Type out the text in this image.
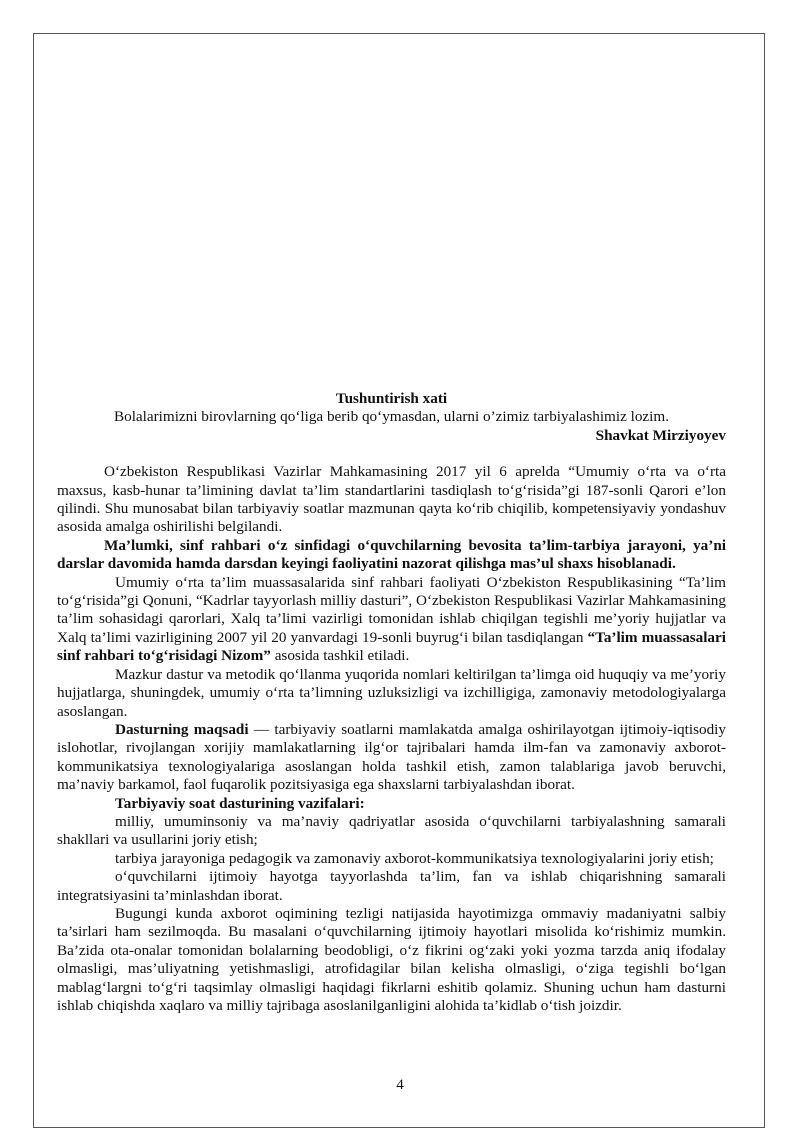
Tushuntirish xati

Bolalarimizni birovlarning qo‘liga berib qo‘ymasdan, ularni o’zimiz tarbiyalashimiz lozim.

Shavkat Mirziyoyev

O‘zbekiston Respublikasi Vazirlar Mahkamasining 2017 yil 6 aprelda “Umumiy o‘rta va o‘rta maxsus, kasb-hunar ta’limining davlat ta’lim standartlarini tasdiqlash to‘g‘risida”gi 187-sonli Qarori e’lon qilindi. Shu munosabat bilan tarbiyaviy soatlar mazmunan qayta ko‘rib chiqilib, kompetensiyaviy yondashuv asosida amalga oshirilishi belgilandi.

Ma’lumki, sinf rahbari o‘z sinfidagi o‘quvchilarning bevosita ta’lim-tarbiya jarayoni, ya’ni darslar davomida hamda darsdan keyingi faoliyatini nazorat qilishga mas’ul shaxs hisoblanadi.

Umumiy o‘rta ta’lim muassasalarida sinf rahbari faoliyati O‘zbekiston Respublikasining “Ta’lim to‘g‘risida”gi Qonuni, “Kadrlar tayyorlash milliy dasturi”, O‘zbekiston Respublikasi Vazirlar Mahkamasining ta’lim sohasidagi qarorlari, Xalq ta’limi vazirligi tomonidan ishlab chiqilgan tegishli me’yoriy hujjatlar va Xalq ta’limi vazirligining 2007 yil 20 yanvardagi 19-sonli buyrug‘i bilan tasdiqlangan “Ta’lim muassasalari sinf rahbari to‘g‘risidagi Nizom” asosida tashkil etiladi.

Mazkur dastur va metodik qo‘llanma yuqorida nomlari keltirilgan ta’limga oid huquqiy va me’yoriy hujjatlarga, shuningdek, umumiy o‘rta ta’limning uzluksizligi va izchilligiga, zamonaviy metodologiyalarga asoslangan.

Dasturning maqsadi — tarbiyaviy soatlarni mamlakatda amalga oshirilayotgan ijtimoiy-iqtisodiy islohotlar, rivojlangan xorijiy mamlakatlarning ilg‘or tajribalari hamda ilm-fan va zamonaviy axborot-kommunikatsiya texnologiyalariga asoslangan holda tashkil etish, zamon talablariga javob beruvchi, ma’naviy barkamol, faol fuqarolik pozitsiyasiga ega shaxslarni tarbiyalashdan iborat.

Tarbiyaviy soat dasturining vazifalari:

milliy, umuminsoniy va ma’naviy qadriyatlar asosida o‘quvchilarni tarbiyalashning samarali shakllari va usullarini joriy etish;

tarbiya jarayoniga pedagogik va zamonaviy axborot-kommunikatsiya texnologiyalarini joriy etish;

o‘quvchilarni ijtimoiy hayotga tayyorlashda ta’lim, fan va ishlab chiqarishning samarali integratsiyasini ta’minlashdan iborat.

Bugungi kunda axborot oqimining tezligi natijasida hayotimizga ommaviy madaniyatni salbiy ta’sirlari ham sezilmoqda. Bu masalani o‘quvchilarning ijtimoiy hayotlari misolida ko‘rishimiz mumkin. Ba’zida ota-onalar tomonidan bolalarning beodobligi, o‘z fikrini og‘zaki yoki yozma tarzda aniq ifodalay olmasligi, mas’uliyatning yetishmasligi, atrofidagilar bilan kelisha olmasligi, o‘ziga tegishli bo‘lgan mablag‘largni to‘g‘ri taqsimlay olmasligi haqidagi fikrlarni eshitib qolamiz. Shuning uchun ham dasturni ishlab chiqishda xaqlaro va milliy tajribaga asoslanilganligini alohida ta’kidlab o‘tish joizdir.

4
